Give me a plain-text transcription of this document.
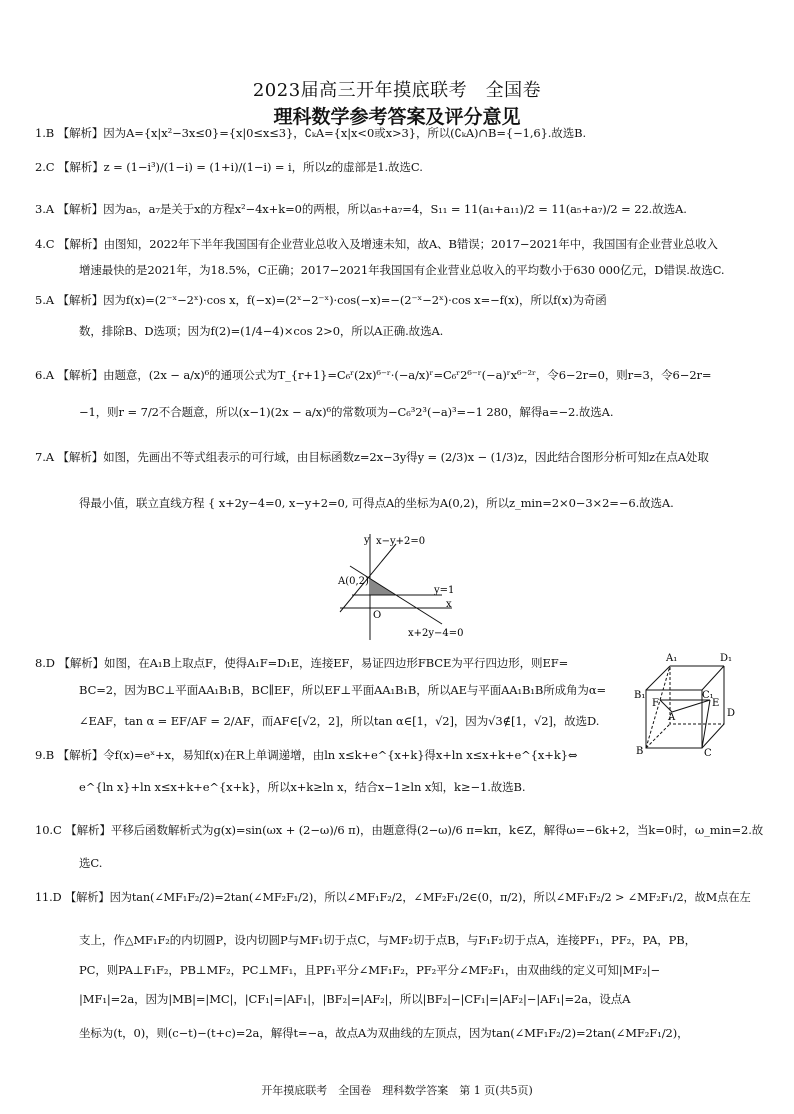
2023届高三开年摸底联考　全国卷
理科数学参考答案及评分意见
1.B 【解析】因为A={x|x²−3x≤0}={x|0≤x≤3}，∁ₖA={x|x<0或x>3}，所以(∁ₖA)∩B={−1,6}.故选B.
2.C 【解析】z = (1−i³)/(1−i) = (1+i)/(1−i) = i，所以z的虚部是1.故选C.
3.A 【解析】因为a₅，a₇是关于x的方程x²−4x+k=0的两根，所以a₅+a₇=4，S₁₁ = 11(a₁+a₁₁)/2 = 11(a₅+a₇)/2 = 22.故选A.
4.C 【解析】由图知，2022年下半年我国国有企业营业总收入及增速未知，故A、B错误；2017−2021年中，我国国有企业营业总收入
增速最快的是2021年，为18.5%，C正确；2017−2021年我国国有企业营业总收入的平均数小于630 000亿元，D错误.故选C.
5.A 【解析】因为f(x)=(2⁻ˣ−2ˣ)·cos x，f(−x)=(2ˣ−2⁻ˣ)·cos(−x)=−(2⁻ˣ−2ˣ)·cos x=−f(x)，所以f(x)为奇函
数，排除B、D选项；因为f(2)=(1/4−4)×cos 2>0，所以A正确.故选A.
6.A 【解析】由题意，(2x − a/x)⁶的通项公式为T_{r+1}=C₆ʳ(2x)⁶⁻ʳ·(−a/x)ʳ=C₆ʳ2⁶⁻ʳ(−a)ʳx⁶⁻²ʳ，令6−2r=0，则r=3，令6−2r=
−1，则r = 7/2不合题意，所以(x−1)(2x − a/x)⁶的常数项为−C₆³2³(−a)³=−1 280，解得a=−2.故选A.
7.A 【解析】如图，先画出不等式组表示的可行域，由目标函数z=2x−3y得y = (2/3)x − (1/3)z，因此结合图形分析可知z在点A处取
得最小值，联立直线方程 { x+2y−4=0, x−y+2=0, 可得点A的坐标为A(0,2)，所以z_min=2×0−3×2=−6.故选A.
y x−y+2=0
A(0,2)
y=1
O
x
x+2y−4=0
8.D 【解析】如图，在A₁B上取点F，使得A₁F=D₁E，连接EF，易证四边形FBCE为平行四边形，则EF=
BC=2，因为BC⊥平面AA₁B₁B，BC∥EF，所以EF⊥平面AA₁B₁B，所以AE与平面AA₁B₁B所成角为α=
∠EAF，tan α = EF/AF = 2/AF，而AF∈[√2，2]，所以tan α∈[1，√2]，因为√3∉[1，√2]，故选D.
A₁	D₁
B₁
F
C₁
E
A	D
B	C
9.B 【解析】令f(x)=eˣ+x，易知f(x)在R上单调递增，由ln x≤k+e^{x+k}得x+ln x≤x+k+e^{x+k}⇔
e^{ln x}+ln x≤x+k+e^{x+k}，所以x+k≥ln x，结合x−1≥ln x知，k≥−1.故选B.
10.C 【解析】平移后函数解析式为g(x)=sin(ωx + (2−ω)/6 π)，由题意得(2−ω)/6 π=kπ，k∈Z，解得ω=−6k+2，当k=0时，ω_min=2.故
选C.
11.D 【解析】因为tan(∠MF₁F₂/2)=2tan(∠MF₂F₁/2)，所以∠MF₁F₂/2，∠MF₂F₁/2∈(0，π/2)，所以∠MF₁F₂/2 > ∠MF₂F₁/2，故M点在左
支上，作△MF₁F₂的内切圆P，设内切圆P与MF₁切于点C，与MF₂切于点B，与F₁F₂切于点A，连接PF₁，PF₂，PA，PB，
PC，则PA⊥F₁F₂，PB⊥MF₂，PC⊥MF₁，且PF₁平分∠MF₁F₂，PF₂平分∠MF₂F₁，由双曲线的定义可知|MF₂|−
|MF₁|=2a，因为|MB|=|MC|，|CF₁|=|AF₁|，|BF₂|=|AF₂|，所以|BF₂|−|CF₁|=|AF₂|−|AF₁|=2a，设点A
坐标为(t，0)，则(c−t)−(t+c)=2a，解得t=−a，故点A为双曲线的左顶点，因为tan(∠MF₁F₂/2)=2tan(∠MF₂F₁/2)，
开年摸底联考　全国卷　理科数学答案　第 1 页(共5页)
